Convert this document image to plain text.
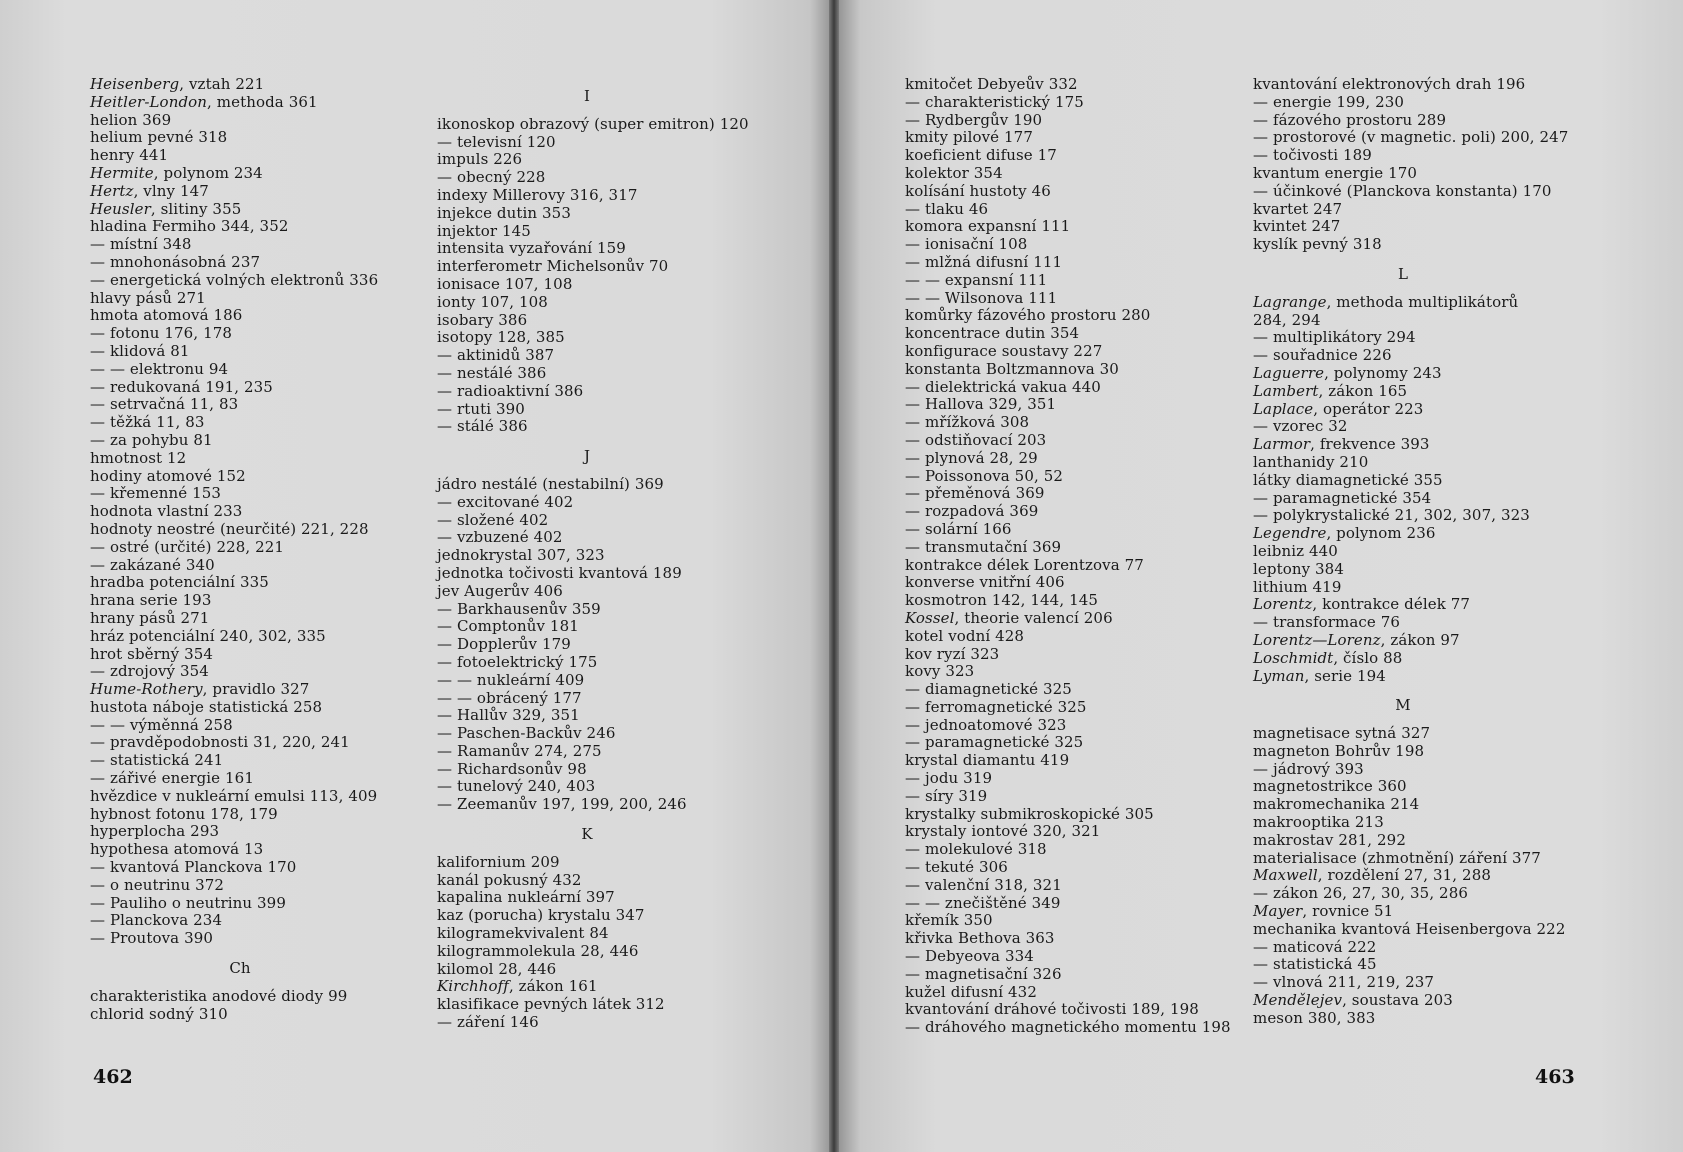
Heisenberg, vztah 221
Heitler-London, methoda 361
helion 369
helium pevné 318
henry 441
Hermite, polynom 234
Hertz, vlny 147
Heusler, slitiny 355
hladina Fermiho 344, 352
— místní 348
— mnohonásobná 237
— energetická volných elektronů 336
hlavy pásů 271
hmota atomová 186
— fotonu 176, 178
— klidová 81
— — elektronu 94
— redukovaná 191, 235
— setrvačná 11, 83
— těžká 11, 83
— za pohybu 81
hmotnost 12
hodiny atomové 152
— křemenné 153
hodnota vlastní 233
hodnoty neostré (neurčité) 221, 228
— ostré (určité) 228, 221
— zakázané 340
hradba potenciální 335
hrana serie 193
hrany pásů 271
hráz potenciální 240, 302, 335
hrot sběrný 354
— zdrojový 354
Hume-Rothery, pravidlo 327
hustota náboje statistická 258
— — výměnná 258
— pravděpodobnosti 31, 220, 241
— statistická 241
— zářivé energie 161
hvězdice v nukleární emulsi 113, 409
hybnost fotonu 178, 179
hyperplocha 293
hypothesa atomová 13
— kvantová Planckova 170
— o neutrinu 372
— Pauliho o neutrinu 399
— Planckova 234
— Proutova 390
Ch
charakteristika anodové diody 99
chlorid sodný 310
I
ikonoskop obrazový (super emitron) 120
— televisní 120
impuls 226
— obecný 228
indexy Millerovy 316, 317
injekce dutin 353
injektor 145
intensita vyzařování 159
interferometr Michelsonův 70
ionisace 107, 108
ionty 107, 108
isobary 386
isotopy 128, 385
— aktinidů 387
— nestálé 386
— radioaktivní 386
— rtuti 390
— stálé 386
J
jádro nestálé (nestabilní) 369
— excitované 402
— složené 402
— vzbuzené 402
jednokrystal 307, 323
jednotka točivosti kvantová 189
jev Augerův 406
— Barkhausenův 359
— Comptonův 181
— Dopplerův 179
— fotoelektrický 175
— — nukleární 409
— — obrácený 177
— Hallův 329, 351
— Paschen-Backův 246
— Ramanův 274, 275
— Richardsonův 98
— tunelový 240, 403
— Zeemanův 197, 199, 200, 246
K
kalifornium 209
kanál pokusný 432
kapalina nukleární 397
kaz (porucha) krystalu 347
kilogramekvivalent 84
kilogrammolekula 28, 446
kilomol 28, 446
Kirchhoff, zákon 161
klasifikace pevných látek 312
— záření 146
462
kmitočet Debyeův 332
— charakteristický 175
— Rydbergův 190
kmity pilové 177
koeficient difuse 17
kolektor 354
kolísání hustoty 46
— tlaku 46
komora expansní 111
— ionisační 108
— mlžná difusní 111
— — expansní 111
— — Wilsonova 111
komůrky fázového prostoru 280
koncentrace dutin 354
konfigurace soustavy 227
konstanta Boltzmannova 30
— dielektrická vakua 440
— Hallova 329, 351
— mřížková 308
— odstiňovací 203
— plynová 28, 29
— Poissonova 50, 52
— přeměnová 369
— rozpadová 369
— solární 166
— transmutační 369
kontrakce délek Lorentzova 77
konverse vnitřní 406
kosmotron 142, 144, 145
Kossel, theorie valencí 206
kotel vodní 428
kov ryzí 323
kovy 323
— diamagnetické 325
— ferromagnetické 325
— jednoatomové 323
— paramagnetické 325
krystal diamantu 419
— jodu 319
— síry 319
krystalky submikroskopické 305
krystaly iontové 320, 321
— molekulové 318
— tekuté 306
— valenční 318, 321
— — znečištěné 349
křemík 350
křivka Bethova 363
— Debyeova 334
— magnetisační 326
kužel difusní 432
kvantování dráhové točivosti 189, 198
— dráhového magnetického momentu 198
kvantování elektronových drah 196
— energie 199, 230
— fázového prostoru 289
— prostorové (v magnetic. poli) 200, 247
— točivosti 189
kvantum energie 170
— účinkové (Planckova konstanta) 170
kvartet 247
kvintet 247
kyslík pevný 318
L
Lagrange, methoda multiplikátorů 284, 294
— multiplikátory 294
— souřadnice 226
Laguerre, polynomy 243
Lambert, zákon 165
Laplace, operátor 223
— vzorec 32
Larmor, frekvence 393
lanthanidy 210
látky diamagnetické 355
— paramagnetické 354
— polykrystalické 21, 302, 307, 323
Legendre, polynom 236
leibniz 440
leptony 384
lithium 419
Lorentz, kontrakce délek 77
— transformace 76
Lorentz—Lorenz, zákon 97
Loschmidt, číslo 88
Lyman, serie 194
M
magnetisace sytná 327
magneton Bohrův 198
— jádrový 393
magnetostrikce 360
makromechanika 214
makrooptika 213
makrostav 281, 292
materialisace (zhmotnění) záření 377
Maxwell, rozdělení 27, 31, 288
— zákon 26, 27, 30, 35, 286
Mayer, rovnice 51
mechanika kvantová Heisenbergova 222
— maticová 222
— statistická 45
— vlnová 211, 219, 237
Mendělejev, soustava 203
meson 380, 383
463
